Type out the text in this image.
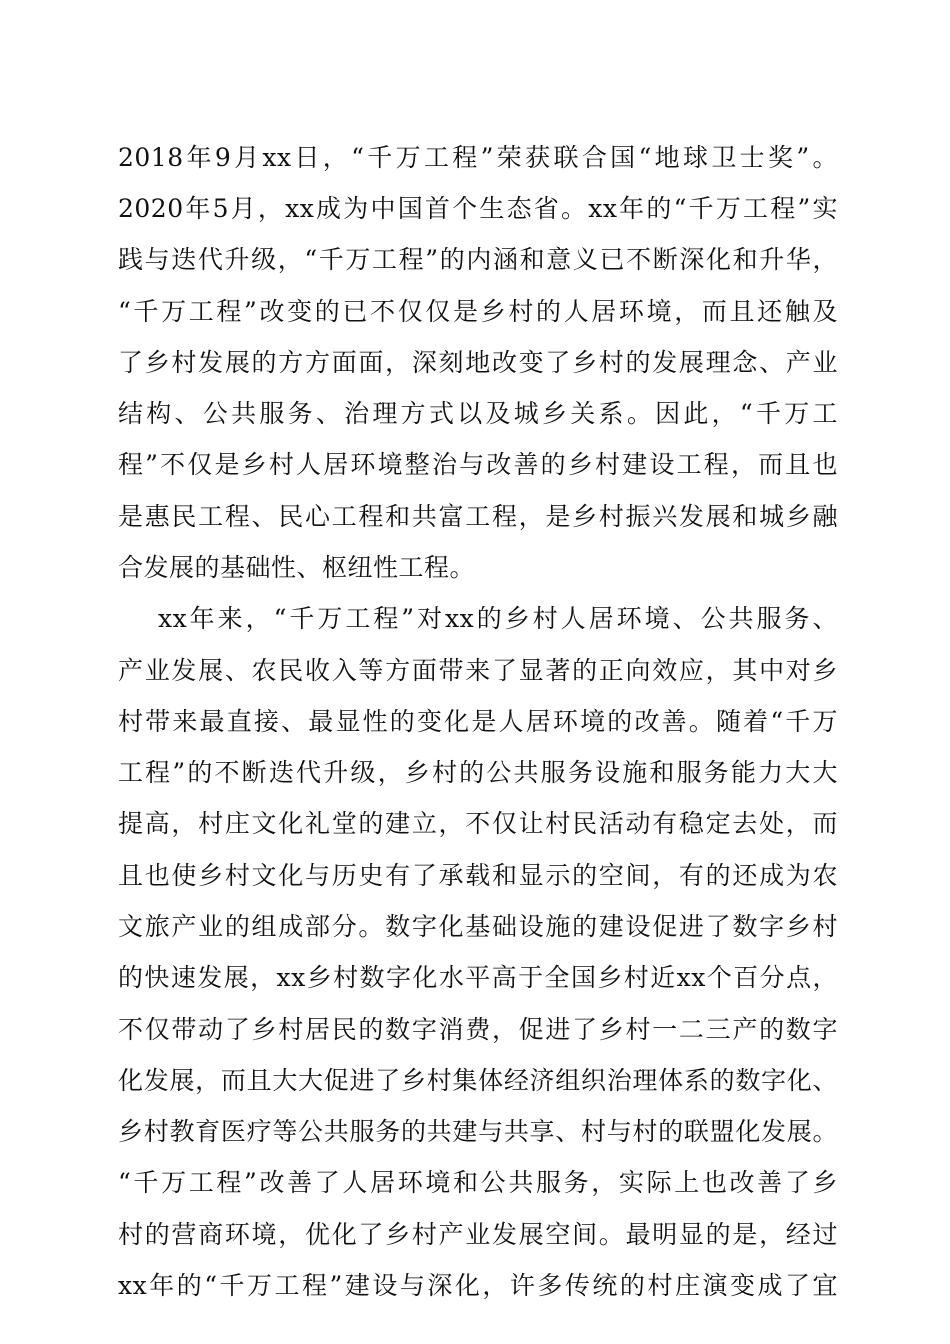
2018年9月xx日，“千万工程”荣获联合国“地球卫士奖”。
2020年5月，xx成为中国首个生态省。xx年的“千万工程”实
践与迭代升级，“千万工程”的内涵和意义已不断深化和升华，
“千万工程”改变的已不仅仅是乡村的人居环境，而且还触及
了乡村发展的方方面面，深刻地改变了乡村的发展理念、产业
结构、公共服务、治理方式以及城乡关系。因此，“千万工
程”不仅是乡村人居环境整治与改善的乡村建设工程，而且也
是惠民工程、民心工程和共富工程，是乡村振兴发展和城乡融
合发展的基础性、枢纽性工程。
xx年来，“千万工程”对xx的乡村人居环境、公共服务、
产业发展、农民收入等方面带来了显著的正向效应，其中对乡
村带来最直接、最显性的变化是人居环境的改善。随着“千万
工程”的不断迭代升级，乡村的公共服务设施和服务能力大大
提高，村庄文化礼堂的建立，不仅让村民活动有稳定去处，而
且也使乡村文化与历史有了承载和显示的空间，有的还成为农
文旅产业的组成部分。数字化基础设施的建设促进了数字乡村
的快速发展，xx乡村数字化水平高于全国乡村近xx个百分点，
不仅带动了乡村居民的数字消费，促进了乡村一二三产的数字
化发展，而且大大促进了乡村集体经济组织治理体系的数字化、
乡村教育医疗等公共服务的共建与共享、村与村的联盟化发展。
“千万工程”改善了人居环境和公共服务，实际上也改善了乡
村的营商环境，优化了乡村产业发展空间。最明显的是，经过
xx年的“千万工程”建设与深化，许多传统的村庄演变成了宜
